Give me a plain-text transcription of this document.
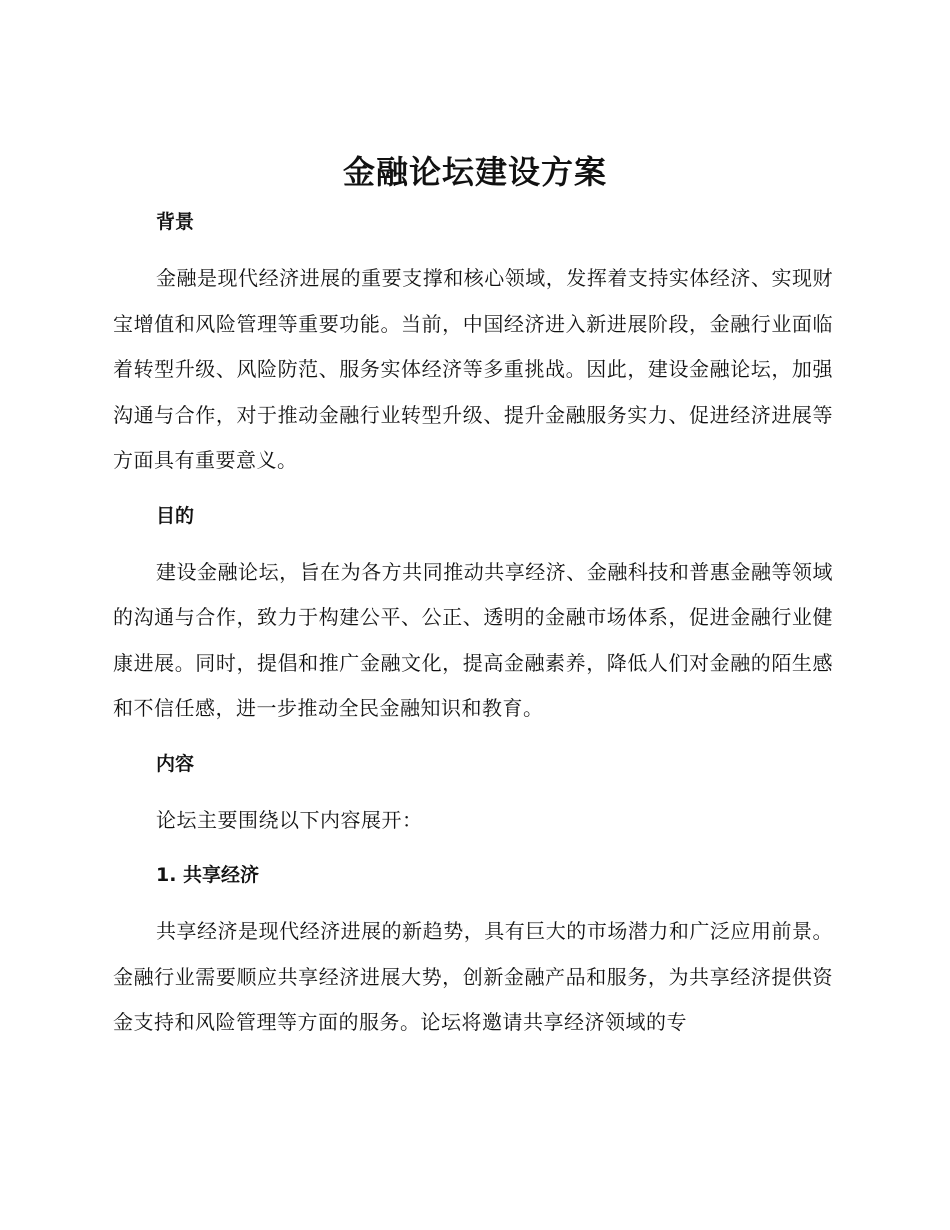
金融论坛建设方案
背景

金融是现代经济进展的重要支撑和核心领域，发挥着支持实体经济、实现财宝增值和风险管理等重要功能。当前，中国经济进入新进展阶段，金融行业面临着转型升级、风险防范、服务实体经济等多重挑战。因此，建设金融论坛，加强沟通与合作，对于推动金融行业转型升级、提升金融服务实力、促进经济进展等方面具有重要意义。

目的

建设金融论坛，旨在为各方共同推动共享经济、金融科技和普惠金融等领域的沟通与合作，致力于构建公平、公正、透明的金融市场体系，促进金融行业健康进展。同时，提倡和推广金融文化，提高金融素养，降低人们对金融的陌生感和不信任感，进一步推动全民金融知识和教育。

内容

论坛主要围绕以下内容展开：

1. 共享经济

共享经济是现代经济进展的新趋势，具有巨大的市场潜力和广泛应用前景。金融行业需要顺应共享经济进展大势，创新金融产品和服务，为共享经济提供资金支持和风险管理等方面的服务。论坛将邀请共享经济领域的专
